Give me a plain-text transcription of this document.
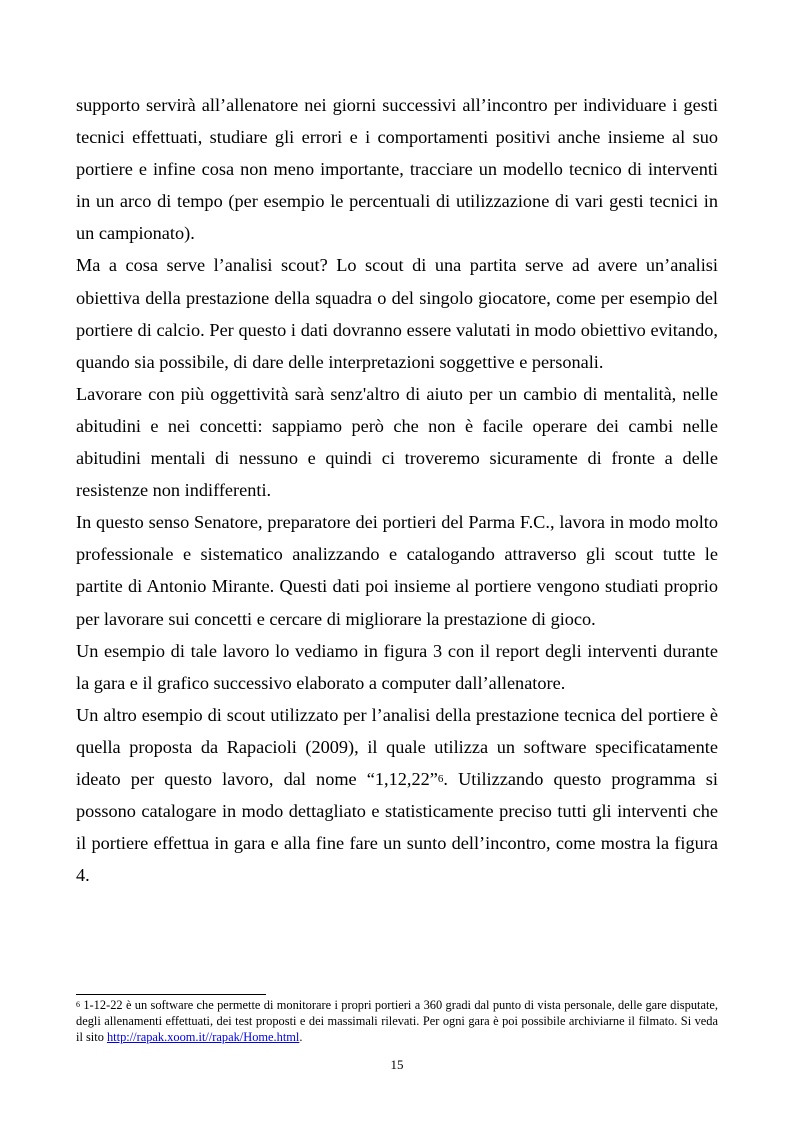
supporto servirà all’allenatore nei giorni successivi all’incontro per individuare i gesti tecnici effettuati, studiare gli errori e i comportamenti positivi anche insieme al suo portiere e infine cosa non meno importante, tracciare un modello tecnico di interventi in un arco di tempo (per esempio le percentuali di utilizzazione di vari gesti tecnici in un campionato).

Ma a cosa serve l’analisi scout? Lo scout di una partita serve ad avere un’analisi obiettiva della prestazione della squadra o del singolo giocatore, come per esempio del portiere di calcio. Per questo i dati dovranno essere valutati in modo obiettivo evitando, quando sia possibile, di dare delle interpretazioni soggettive e personali.

Lavorare con più oggettività sarà senz'altro di aiuto per un cambio di mentalità, nelle abitudini e nei concetti: sappiamo però che non è facile operare dei cambi nelle abitudini mentali di nessuno e quindi ci troveremo sicuramente di fronte a delle resistenze non indifferenti.

In questo senso Senatore, preparatore dei portieri del Parma F.C., lavora in modo molto professionale e sistematico analizzando e catalogando attraverso gli scout tutte le partite di Antonio Mirante. Questi dati poi insieme al portiere vengono studiati proprio per lavorare sui concetti e cercare di migliorare la prestazione di gioco.

Un esempio di tale lavoro lo vediamo in figura 3 con il report degli interventi durante la gara e il grafico successivo elaborato a computer dall’allenatore.

Un altro esempio di scout utilizzato per l’analisi della prestazione tecnica del portiere è quella proposta da Rapacioli (2009), il quale utilizza un software specificatamente ideato per questo lavoro, dal nome “1,12,22”$^6$. Utilizzando questo programma si possono catalogare in modo dettagliato e statisticamente preciso tutti gli interventi che il portiere effettua in gara e alla fine fare un sunto dell’incontro, come mostra la figura 4.

$^6$ 1-12-22 è un software che permette di monitorare i propri portieri a 360 gradi dal punto di vista personale, delle gare disputate, degli allenamenti effettuati, dei test proposti e dei massimali rilevati. Per ogni gara è poi possibile archiviarne il filmato. Si veda il sito http://rapak.xoom.it//rapak/Home.html.
15
